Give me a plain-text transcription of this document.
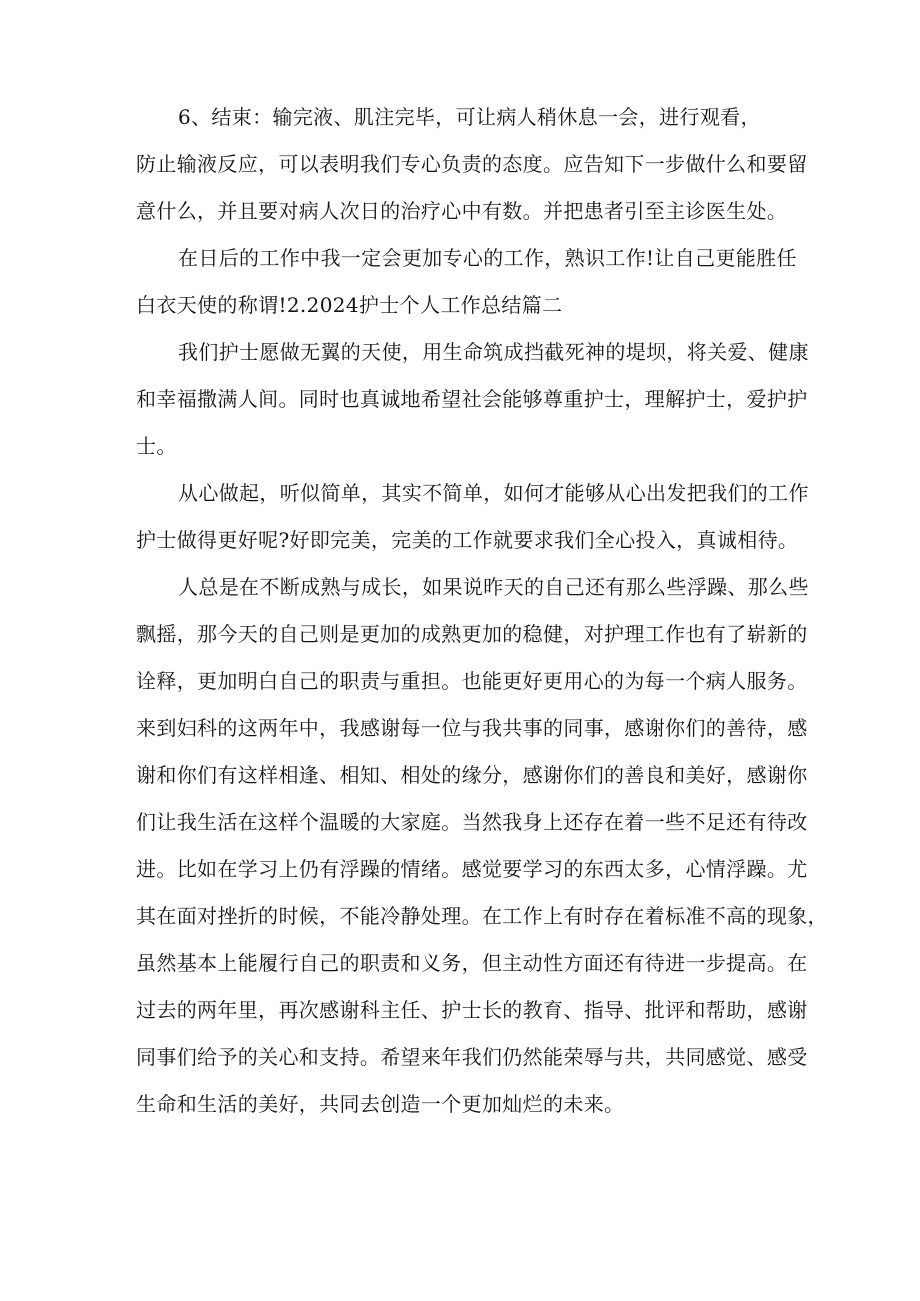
6、结束：输完液、肌注完毕，可让病人稍休息一会，进行观看，
防止输液反应，可以表明我们专心负责的态度。应告知下一步做什么和要留
意什么，并且要对病人次日的治疗心中有数。并把患者引至主诊医生处。

在日后的工作中我一定会更加专心的工作，熟识工作!让自己更能胜任
白衣天使的称谓!2.2024护士个人工作总结篇二

我们护士愿做无翼的天使，用生命筑成挡截死神的堤坝，将关爱、健康
和幸福撒满人间。同时也真诚地希望社会能够尊重护士，理解护士，爱护护
士。

从心做起，听似简单，其实不简单，如何才能够从心出发把我们的工作
护士做得更好呢?好即完美，完美的工作就要求我们全心投入，真诚相待。

人总是在不断成熟与成长，如果说昨天的自己还有那么些浮躁、那么些
飘摇，那今天的自己则是更加的成熟更加的稳健，对护理工作也有了崭新的
诠释，更加明白自己的职责与重担。也能更好更用心的为每一个病人服务。
来到妇科的这两年中，我感谢每一位与我共事的同事，感谢你们的善待，感
谢和你们有这样相逢、相知、相处的缘分，感谢你们的善良和美好，感谢你
们让我生活在这样个温暖的大家庭。当然我身上还存在着一些不足还有待改
进。比如在学习上仍有浮躁的情绪。感觉要学习的东西太多，心情浮躁。尤
其在面对挫折的时候，不能冷静处理。在工作上有时存在着标准不高的现象，
虽然基本上能履行自己的职责和义务，但主动性方面还有待进一步提高。在
过去的两年里，再次感谢科主任、护士长的教育、指导、批评和帮助，感谢
同事们给予的关心和支持。希望来年我们仍然能荣辱与共，共同感觉、感受
生命和生活的美好，共同去创造一个更加灿烂的未来。
